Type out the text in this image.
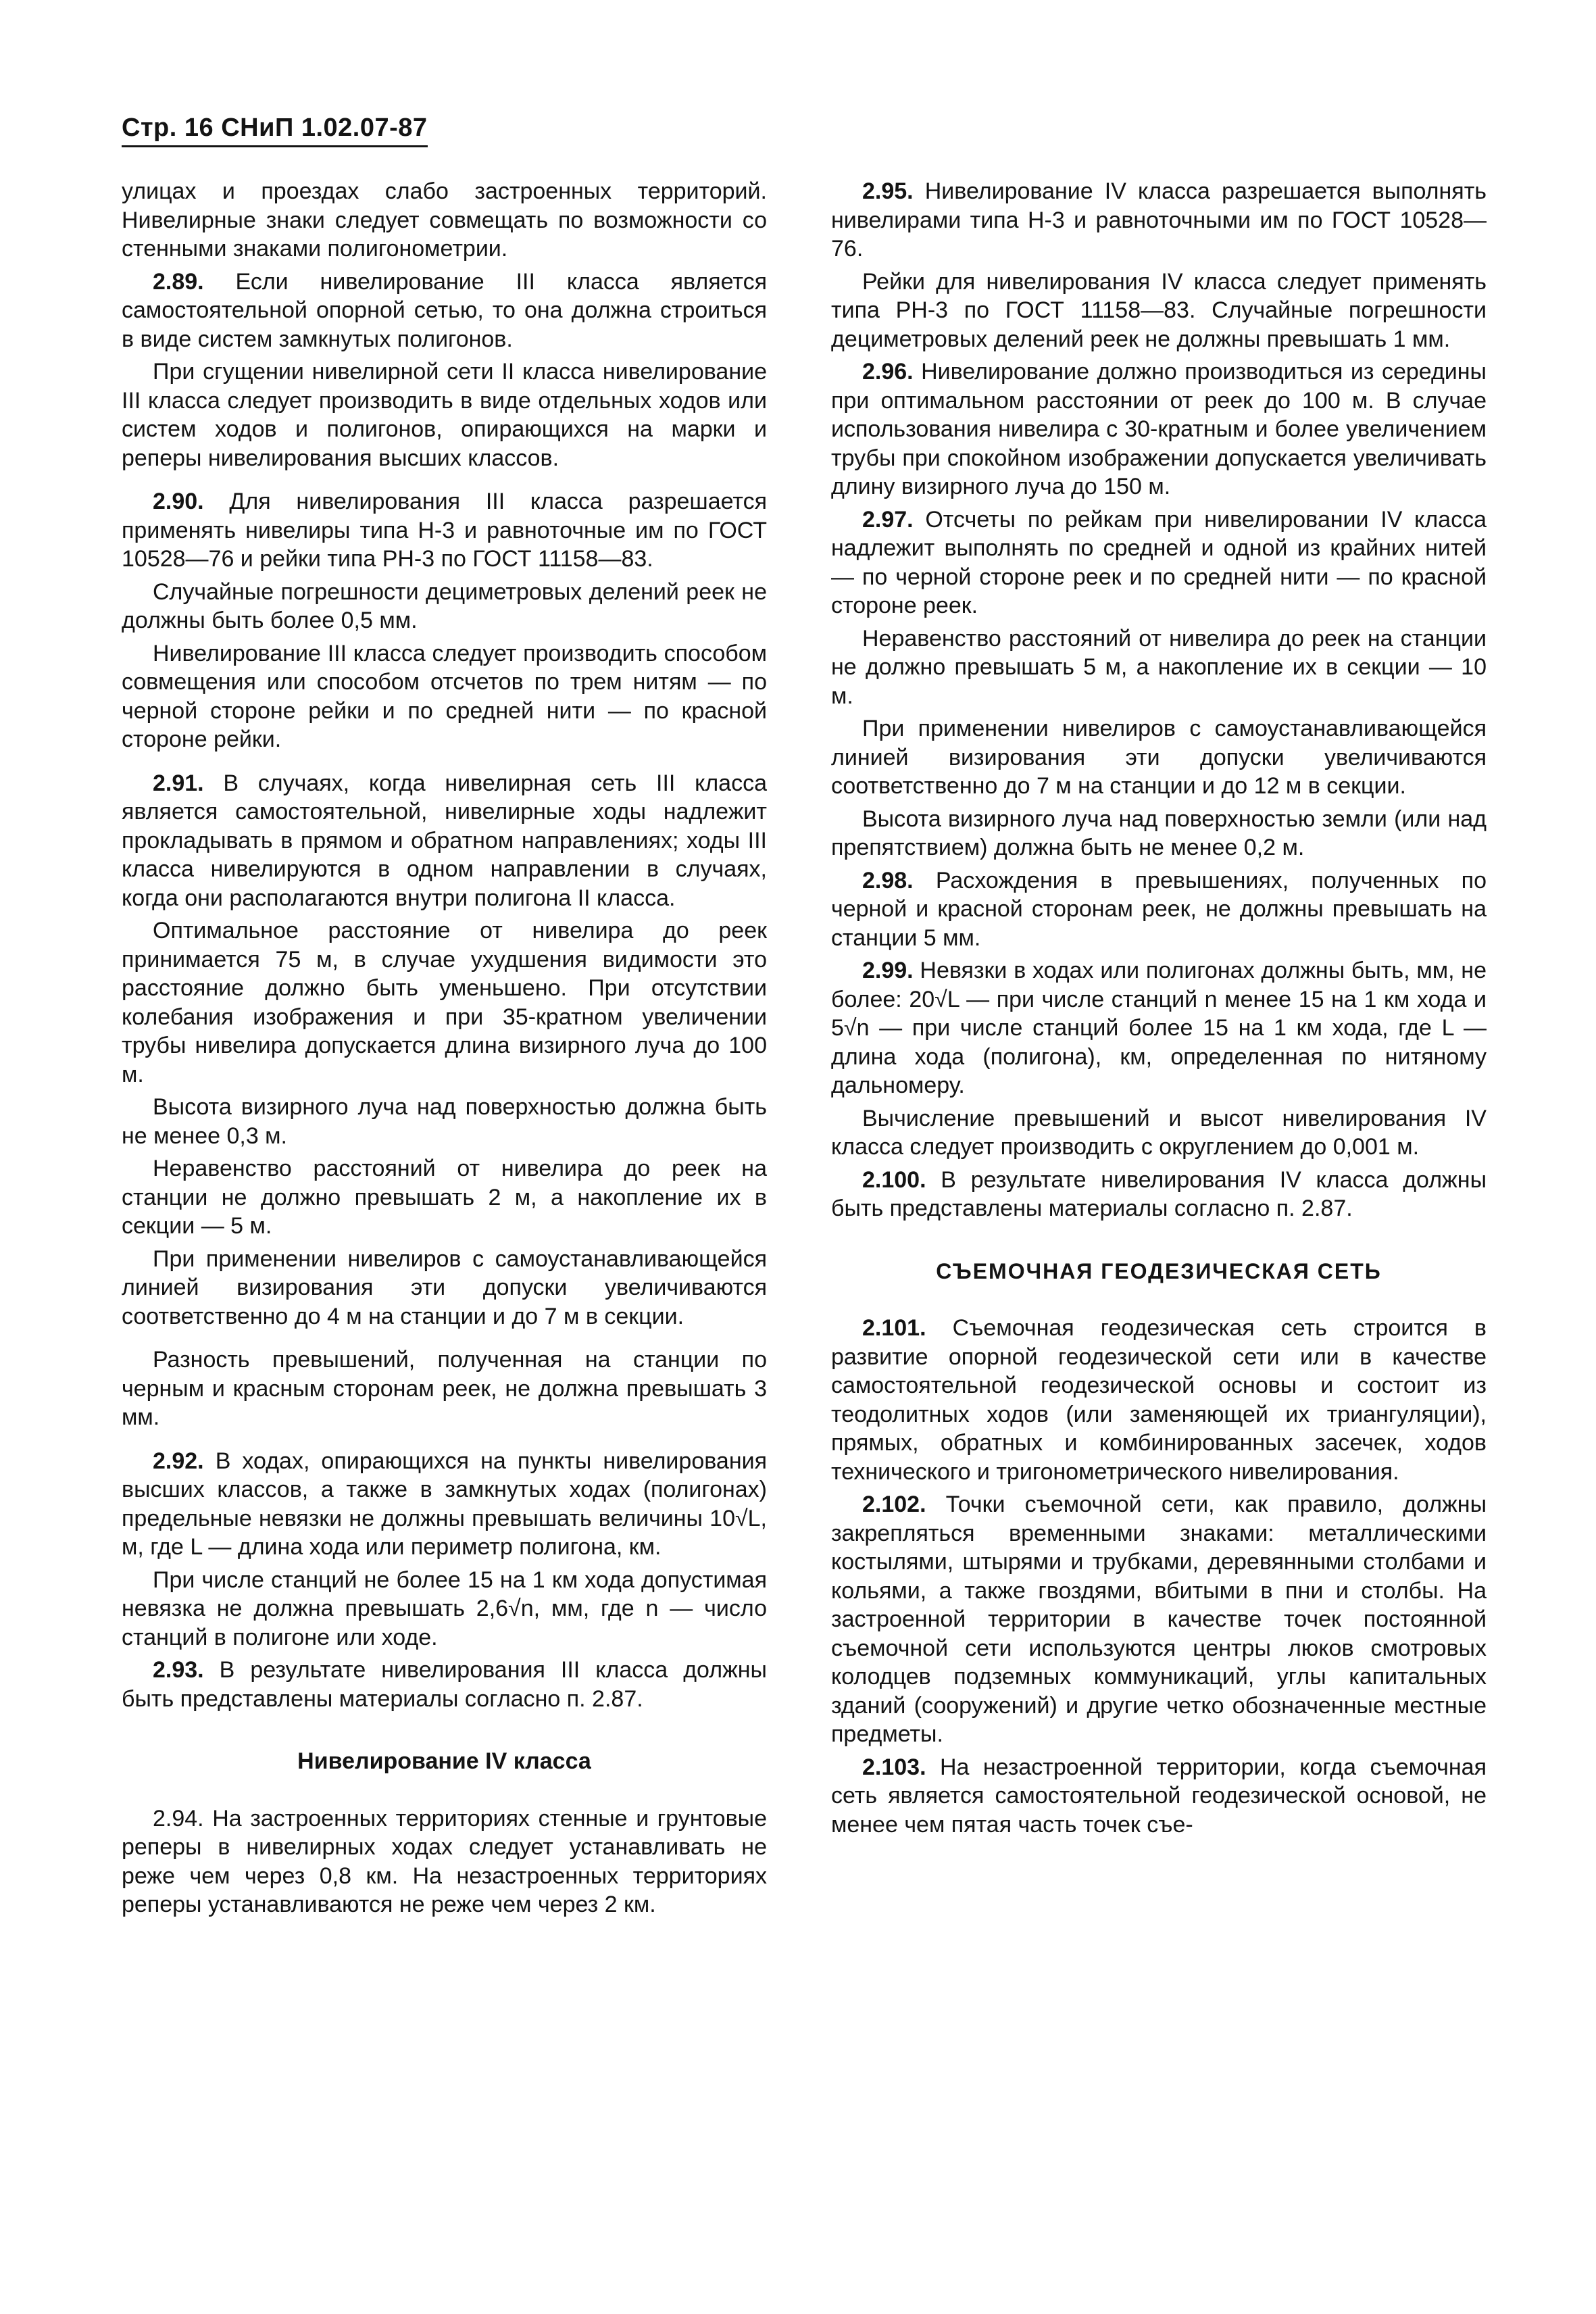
Стр. 16 СНиП 1.02.07-87

улицах и проездах слабо застроенных территорий. Нивелирные знаки следует совмещать по возможности со стенными знаками полигонометрии.

2.89. Если нивелирование III класса является самостоятельной опорной сетью, то она должна строиться в виде систем замкнутых полигонов.

При сгущении нивелирной сети II класса нивелирование III класса следует производить в виде отдельных ходов или систем ходов и полигонов, опирающихся на марки и реперы нивелирования высших классов.

2.90. Для нивелирования III класса разрешается применять нивелиры типа Н-3 и равноточные им по ГОСТ 10528—76 и рейки типа РН-3 по ГОСТ 11158—83.

Случайные погрешности дециметровых делений реек не должны быть более 0,5 мм.

Нивелирование III класса следует производить способом совмещения или способом отсчетов по трем нитям — по черной стороне рейки и по средней нити — по красной стороне рейки.

2.91. В случаях, когда нивелирная сеть III класса является самостоятельной, нивелирные ходы надлежит прокладывать в прямом и обратном направлениях; ходы III класса нивелируются в одном направлении в случаях, когда они располагаются внутри полигона II класса.

Оптимальное расстояние от нивелира до реек принимается 75 м, в случае ухудшения видимости это расстояние должно быть уменьшено. При отсутствии колебания изображения и при 35-кратном увеличении трубы нивелира допускается длина визирного луча до 100 м.

Высота визирного луча над поверхностью должна быть не менее 0,3 м.

Неравенство расстояний от нивелира до реек на станции не должно превышать 2 м, а накопление их в секции — 5 м.

При применении нивелиров с самоустанавливающейся линией визирования эти допуски увеличиваются соответственно до 4 м на станции и до 7 м в секции.

Разность превышений, полученная на станции по черным и красным сторонам реек, не должна превышать 3 мм.

2.92. В ходах, опирающихся на пункты нивелирования высших классов, а также в замкнутых ходах (полигонах) предельные невязки не должны превышать величины 10√L, м, где L — длина хода или периметр полигона, км.

При числе станций не более 15 на 1 км хода допустимая невязка не должна превышать 2,6√n, мм, где n — число станций в полигоне или ходе.

2.93. В результате нивелирования III класса должны быть представлены материалы согласно п. 2.87.

Нивелирование IV класса

2.94. На застроенных территориях стенные и грунтовые реперы в нивелирных ходах следует устанавливать не реже чем через 0,8 км. На незастроенных территориях реперы устанавливаются не реже чем через 2 км.

2.95. Нивелирование IV класса разрешается выполнять нивелирами типа Н-3 и равноточными им по ГОСТ 10528—76.

Рейки для нивелирования IV класса следует применять типа РН-3 по ГОСТ 11158—83. Случайные погрешности дециметровых делений реек не должны превышать 1 мм.

2.96. Нивелирование должно производиться из середины при оптимальном расстоянии от реек до 100 м. В случае использования нивелира с 30-кратным и более увеличением трубы при спокойном изображении допускается увеличивать длину визирного луча до 150 м.

2.97. Отсчеты по рейкам при нивелировании IV класса надлежит выполнять по средней и одной из крайних нитей — по черной стороне реек и по средней нити — по красной стороне реек.

Неравенство расстояний от нивелира до реек на станции не должно превышать 5 м, а накопление их в секции — 10 м.

При применении нивелиров с самоустанавливающейся линией визирования эти допуски увеличиваются соответственно до 7 м на станции и до 12 м в секции.

Высота визирного луча над поверхностью земли (или над препятствием) должна быть не менее 0,2 м.

2.98. Расхождения в превышениях, полученных по черной и красной сторонам реек, не должны превышать на станции 5 мм.

2.99. Невязки в ходах или полигонах должны быть, мм, не более: 20√L — при числе станций n менее 15 на 1 км хода и 5√n — при числе станций более 15 на 1 км хода, где L — длина хода (полигона), км, определенная по нитяному дальномеру.

Вычисление превышений и высот нивелирования IV класса следует производить с округлением до 0,001 м.

2.100. В результате нивелирования IV класса должны быть представлены материалы согласно п. 2.87.

СЪЕМОЧНАЯ ГЕОДЕЗИЧЕСКАЯ СЕТЬ

2.101. Съемочная геодезическая сеть строится в развитие опорной геодезической сети или в качестве самостоятельной геодезической основы и состоит из теодолитных ходов (или заменяющей их триангуляции), прямых, обратных и комбинированных засечек, ходов технического и тригонометрического нивелирования.

2.102. Точки съемочной сети, как правило, должны закрепляться временными знаками: металлическими костылями, штырями и трубками, деревянными столбами и кольями, а также гвоздями, вбитыми в пни и столбы. На застроенной территории в качестве точек постоянной съемочной сети используются центры люков смотровых колодцев подземных коммуникаций, углы капитальных зданий (сооружений) и другие четко обозначенные местные предметы.

2.103. На незастроенной территории, когда съемочная сеть является самостоятельной геодезической основой, не менее чем пятая часть точек съе-
